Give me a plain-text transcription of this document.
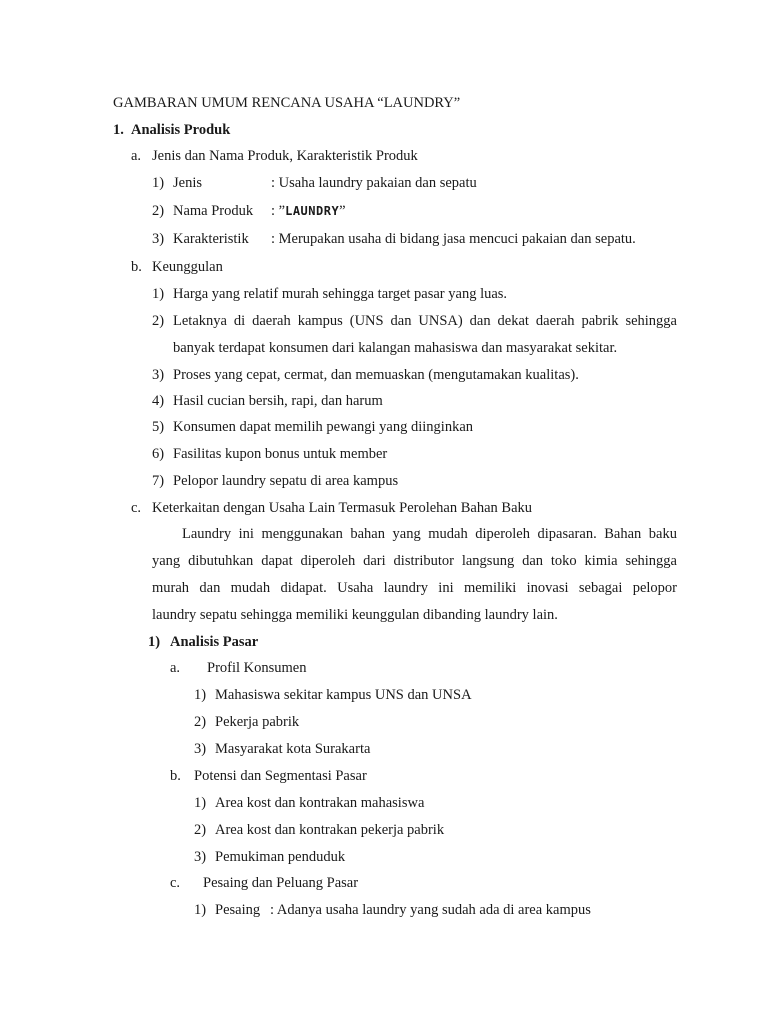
GAMBARAN UMUM RENCANA USAHA “LAUNDRY”
1. Analisis Produk
a. Jenis dan Nama Produk, Karakteristik Produk
1) Jenis	: Usaha laundry pakaian dan sepatu
2) Nama Produk : ”LAUNDRY”
3) Karakteristik : Merupakan usaha di bidang jasa mencuci pakaian dan sepatu.
b. Keunggulan
1) Harga yang relatif murah sehingga target pasar yang luas.
2) Letaknya di daerah kampus (UNS dan UNSA) dan dekat daerah pabrik sehingga
banyak terdapat konsumen dari kalangan mahasiswa dan masyarakat sekitar.
3) Proses yang cepat, cermat, dan memuaskan (mengutamakan kualitas).
4) Hasil cucian bersih, rapi, dan harum
5) Konsumen dapat memilih pewangi yang diinginkan
6) Fasilitas kupon bonus untuk member
7) Pelopor laundry sepatu di area kampus
c. Keterkaitan dengan Usaha Lain Termasuk Perolehan Bahan Baku
Laundry ini menggunakan bahan yang mudah diperoleh dipasaran. Bahan baku
yang dibutuhkan dapat diperoleh dari distributor langsung dan toko kimia sehingga
murah dan mudah didapat. Usaha laundry ini memiliki inovasi sebagai pelopor
laundry sepatu sehingga memiliki keunggulan dibanding laundry lain.
1) Analisis Pasar
a. Profil Konsumen
1) Mahasiswa sekitar kampus UNS dan UNSA
2) Pekerja pabrik
3) Masyarakat kota Surakarta
b. Potensi dan Segmentasi Pasar
1) Area kost dan kontrakan mahasiswa
2) Area kost dan kontrakan pekerja pabrik
3) Pemukiman penduduk
c. Pesaing dan Peluang Pasar
1) Pesaing : Adanya usaha laundry yang sudah ada di area kampus
